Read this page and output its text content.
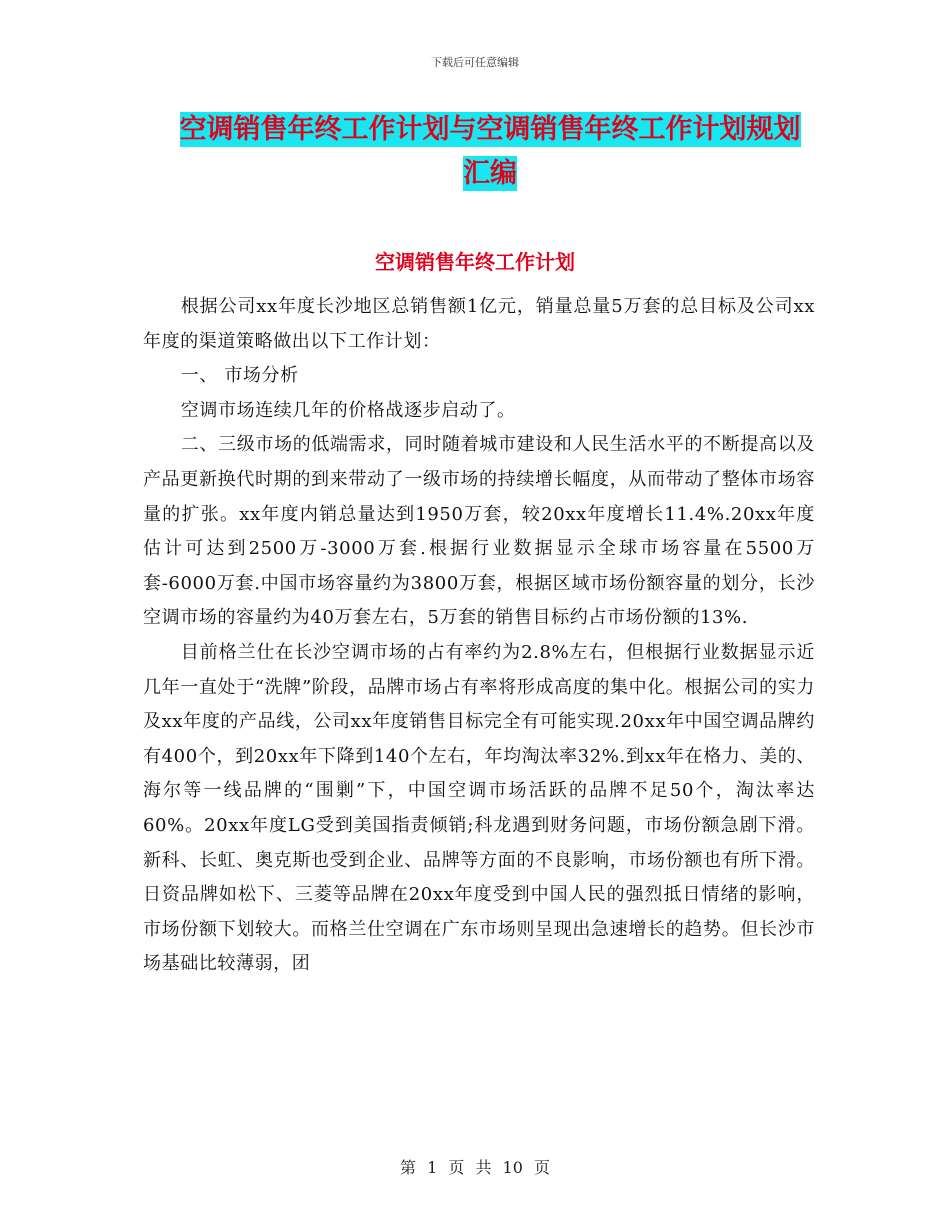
下载后可任意编辑
空调销售年终工作计划与空调销售年终工作计划规划
汇编
空调销售年终工作计划

根据公司xx年度长沙地区总销售额1亿元，销量总量5万套的总目标及公司xx年度的渠道策略做出以下工作计划：

一、 市场分析

空调市场连续几年的价格战逐步启动了。

二、三级市场的低端需求，同时随着城市建设和人民生活水平的不断提高以及产品更新换代时期的到来带动了一级市场的持续增长幅度，从而带动了整体市场容量的扩张。xx年度内销总量达到1950万套，较20xx年度增长11.4%.20xx年度估计可达到2500万-3000万套.根据行业数据显示全球市场容量在5500万套-6000万套.中国市场容量约为3800万套，根据区域市场份额容量的划分，长沙空调市场的容量约为40万套左右，5万套的销售目标约占市场份额的13%.

目前格兰仕在长沙空调市场的占有率约为2.8%左右，但根据行业数据显示近几年一直处于“洗牌”阶段，品牌市场占有率将形成高度的集中化。根据公司的实力及xx年度的产品线，公司xx年度销售目标完全有可能实现.20xx年中国空调品牌约有400个，到20xx年下降到140个左右，年均淘汰率32%.到xx年在格力、美的、海尔等一线品牌的“围剿”下，中国空调市场活跃的品牌不足50个，淘汰率达60%。20xx年度LG受到美国指责倾销;科龙遇到财务问题，市场份额急剧下滑。新科、长虹、奥克斯也受到企业、品牌等方面的不良影响，市场份额也有所下滑。日资品牌如松下、三菱等品牌在20xx年度受到中国人民的强烈抵日情绪的影响，市场份额下划较大。而格兰仕空调在广东市场则呈现出急速增长的趋势。但长沙市场基础比较薄弱，团

第 1 页 共 10 页
